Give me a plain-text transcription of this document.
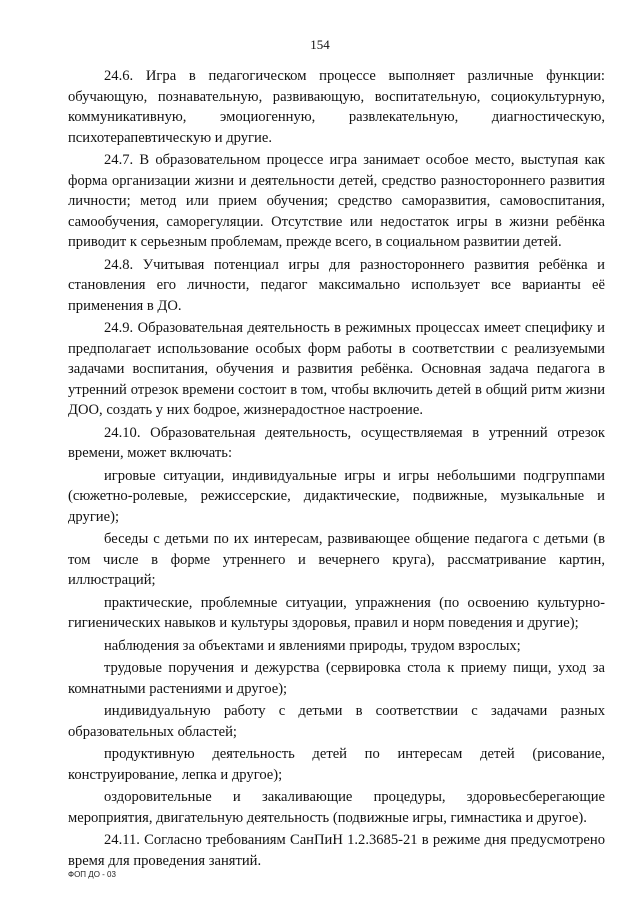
154

24.6. Игра в педагогическом процессе выполняет различные функции: обучающую, познавательную, развивающую, воспитательную, социокультурную, коммуникативную, эмоциогенную, развлекательную, диагностическую, психотерапевтическую и другие.

24.7. В образовательном процессе игра занимает особое место, выступая как форма организации жизни и деятельности детей, средство разностороннего развития личности; метод или прием обучения; средство саморазвития, самовоспитания, самообучения, саморегуляции. Отсутствие или недостаток игры в жизни ребёнка приводит к серьезным проблемам, прежде всего, в социальном развитии детей.

24.8. Учитывая потенциал игры для разностороннего развития ребёнка и становления его личности, педагог максимально использует все варианты её применения в ДО.

24.9. Образовательная деятельность в режимных процессах имеет специфику и предполагает использование особых форм работы в соответствии с реализуемыми задачами воспитания, обучения и развития ребёнка. Основная задача педагога в утренний отрезок времени состоит в том, чтобы включить детей в общий ритм жизни ДОО, создать у них бодрое, жизнерадостное настроение.

24.10. Образовательная деятельность, осуществляемая в утренний отрезок времени, может включать:

игровые ситуации, индивидуальные игры и игры небольшими подгруппами (сюжетно-ролевые, режиссерские, дидактические, подвижные, музыкальные и другие);

беседы с детьми по их интересам, развивающее общение педагога с детьми (в том числе в форме утреннего и вечернего круга), рассматривание картин, иллюстраций;

практические, проблемные ситуации, упражнения (по освоению культурно-гигиенических навыков и культуры здоровья, правил и норм поведения и другие);

наблюдения за объектами и явлениями природы, трудом взрослых;

трудовые поручения и дежурства (сервировка стола к приему пищи, уход за комнатными растениями и другое);

индивидуальную работу с детьми в соответствии с задачами разных образовательных областей;

продуктивную деятельность детей по интересам детей (рисование, конструирование, лепка и другое);

оздоровительные и закаливающие процедуры, здоровьесберегающие мероприятия, двигательную деятельность (подвижные игры, гимнастика и другое).

24.11. Согласно требованиям СанПиН 1.2.3685-21 в режиме дня предусмотрено время для проведения занятий.

ФОП ДО - 03
